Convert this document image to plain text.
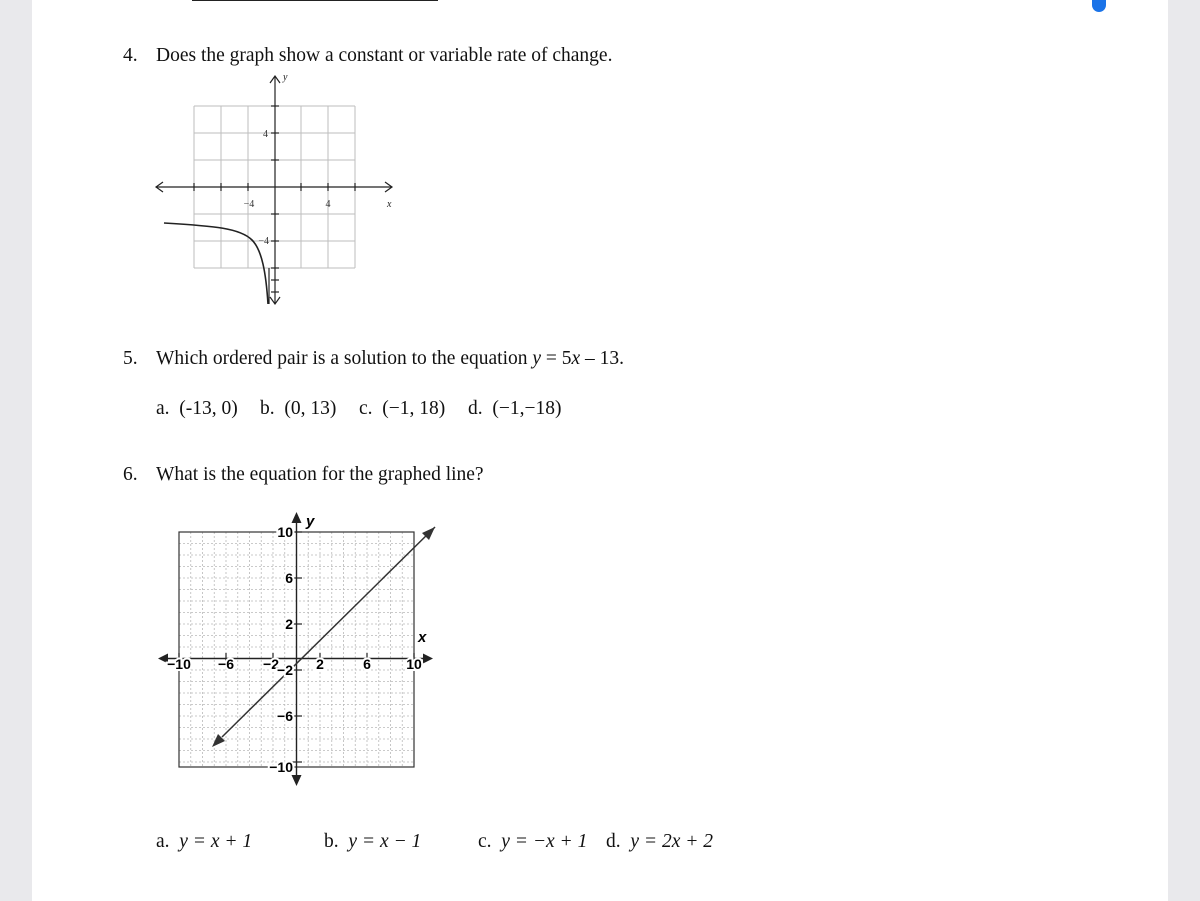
4. Does the graph show a constant or variable rate of change.
y
x
−4	4
4
−4
5. Which ordered pair is a solution to the equation y = 5x – 13.
a. (-13, 0) b. (0, 13) c. (−1, 18) d. (−1,−18)
6. What is the equation for the graphed line?
y
x
−10 −6 −2	2	6	10
10
6
2
−2
−6
−10
a. y = x + 1	b. y = x − 1	c. y = −x + 1 d. y = 2x + 2
